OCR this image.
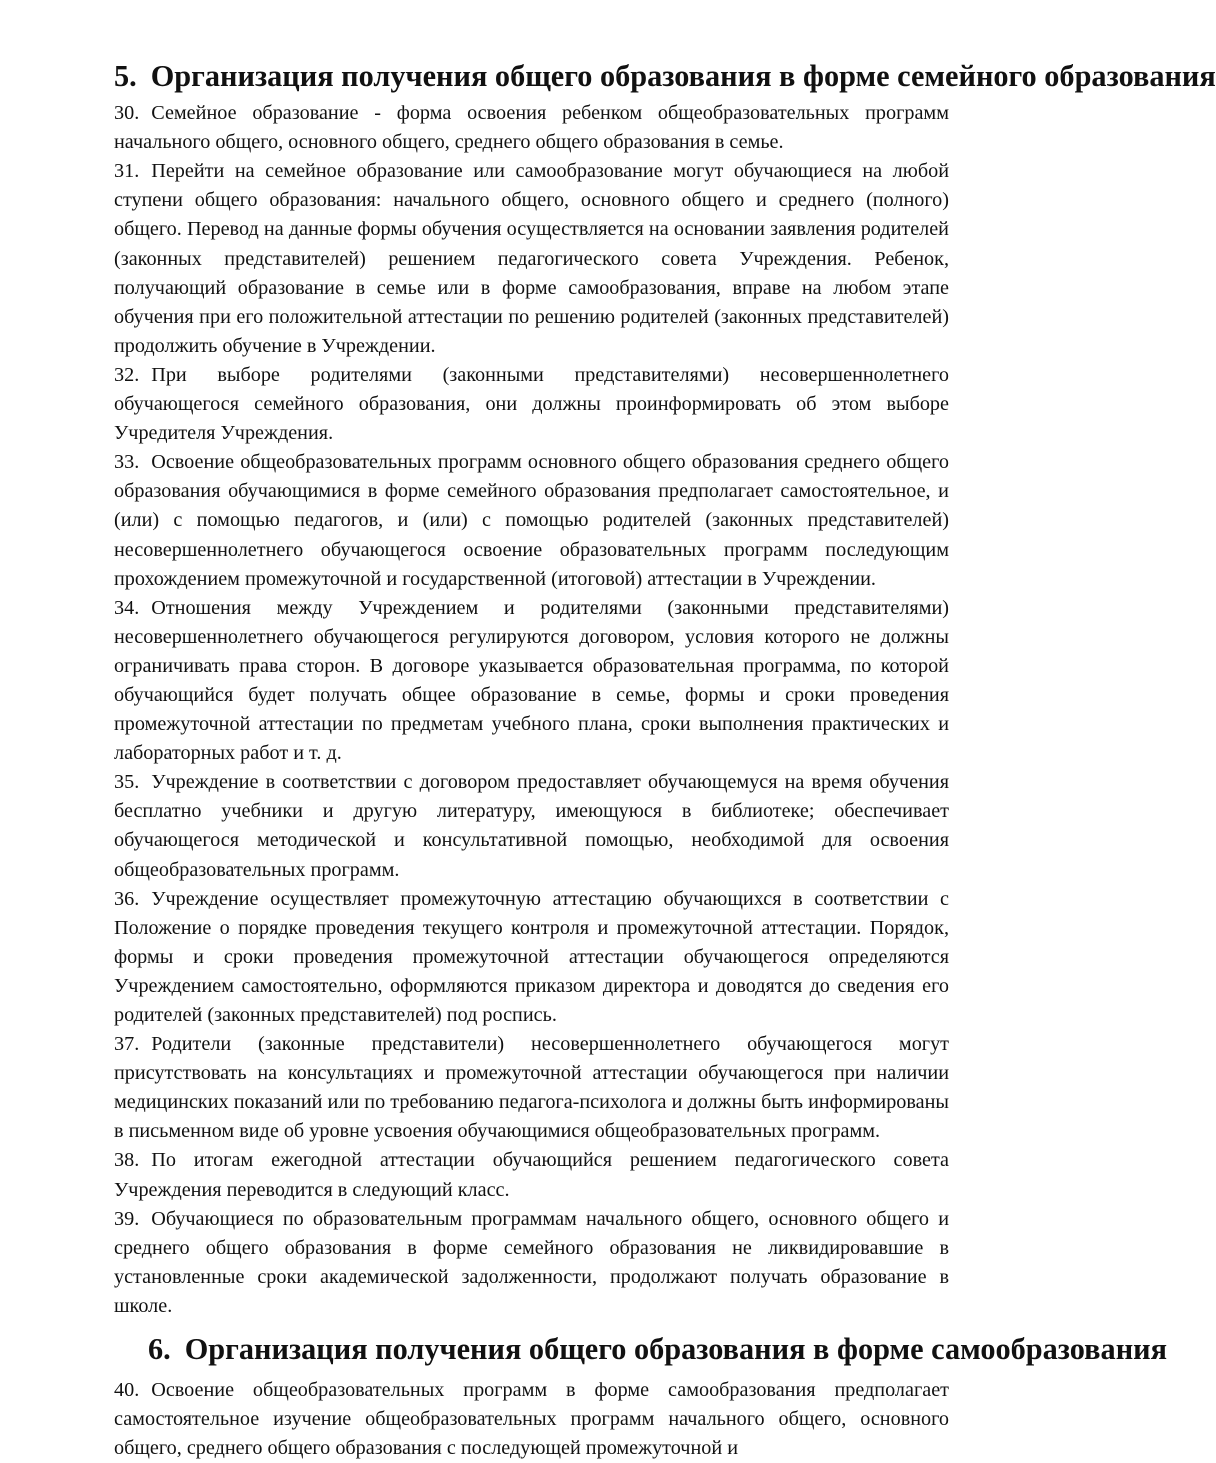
5. Организация получения общего образования в форме семейного образования

30. Семейное образование - форма освоения ребенком общеобразовательных программ начального общего, основного общего, среднего общего образования в семье.

31. Перейти на семейное образование или самообразование могут обучающиеся на любой ступени общего образования: начального общего, основного общего и среднего (полного) общего. Перевод на данные формы обучения осуществляется на основании заявления родителей (законных представителей) решением педагогического совета Учреждения. Ребенок, получающий образование в семье или в форме самообразования, вправе на любом этапе обучения при его положительной аттестации по решению родителей (законных представителей) продолжить обучение в Учреждении.

32. При выборе родителями (законными представителями) несовершеннолетнего обучающегося семейного образования, они должны проинформировать об этом выборе Учредителя Учреждения.

33. Освоение общеобразовательных программ основного общего образования среднего общего образования обучающимися в форме семейного образования предполагает самостоятельное, и (или) с помощью педагогов, и (или) с помощью родителей (законных представителей) несовершеннолетнего обучающегося освоение образовательных программ последующим прохождением промежуточной и государственной (итоговой) аттестации в Учреждении.

34. Отношения между Учреждением и родителями (законными представителями) несовершеннолетнего обучающегося регулируются договором, условия которого не должны ограничивать права сторон. В договоре указывается образовательная программа, по которой обучающийся будет получать общее образование в семье, формы и сроки проведения промежуточной аттестации по предметам учебного плана, сроки выполнения практических и лабораторных работ и т. д.

35. Учреждение в соответствии с договором предоставляет обучающемуся на время обучения бесплатно учебники и другую литературу, имеющуюся в библиотеке; обеспечивает обучающегося методической и консультативной помощью, необходимой для освоения общеобразовательных программ.

36. Учреждение осуществляет промежуточную аттестацию обучающихся в соответствии с Положение о порядке проведения текущего контроля и промежуточной аттестации. Порядок, формы и сроки проведения промежуточной аттестации обучающегося определяются Учреждением самостоятельно, оформляются приказом директора и доводятся до сведения его родителей (законных представителей) под роспись.

37. Родители (законные представители) несовершеннолетнего обучающегося могут присутствовать на консультациях и промежуточной аттестации обучающегося при наличии медицинских показаний или по требованию педагога-психолога и должны быть информированы в письменном виде об уровне усвоения обучающимися общеобразовательных программ.

38. По итогам ежегодной аттестации обучающийся решением педагогического совета Учреждения переводится в следующий класс.

39. Обучающиеся по образовательным программам начального общего, основного общего и среднего общего образования в форме семейного образования не ликвидировавшие в установленные сроки академической задолженности, продолжают получать образование в школе.

6. Организация получения общего образования в форме самообразования

40. Освоение общеобразовательных программ в форме самообразования предполагает самостоятельное изучение общеобразовательных программ начального общего, основного общего, среднего общего образования с последующей промежуточной и
